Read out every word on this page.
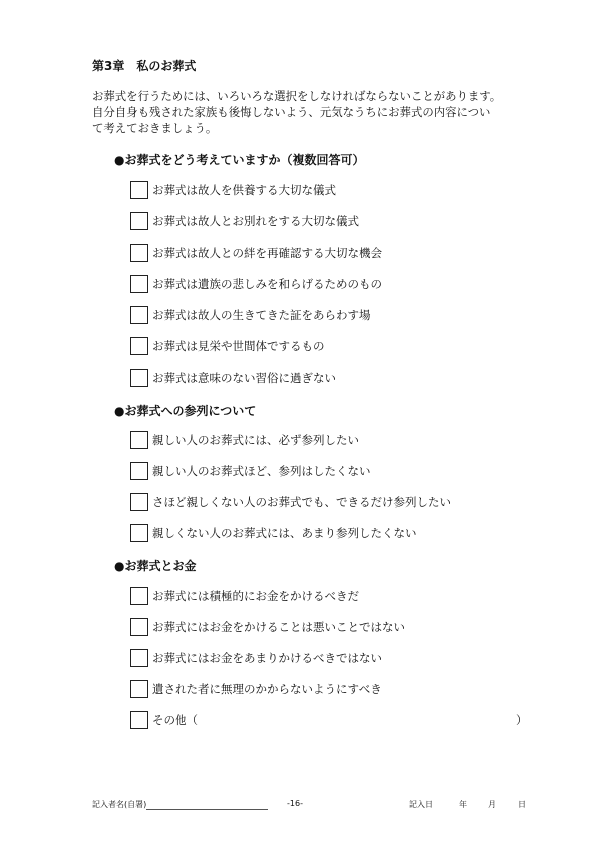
第3章　私のお葬式
お葬式を行うためには、いろいろな選択をしなければならないことがあります。
自分自身も残された家族も後悔しないよう、元気なうちにお葬式の内容につい
て考えておきましょう。
●お葬式をどう考えていますか（複数回答可）
お葬式は故人を供養する大切な儀式
お葬式は故人とお別れをする大切な儀式
お葬式は故人との絆を再確認する大切な機会
お葬式は遺族の悲しみを和らげるためのもの
お葬式は故人の生きてきた証をあらわす場
お葬式は見栄や世間体でするもの
お葬式は意味のない習俗に過ぎない
●お葬式への参列について
親しい人のお葬式には、必ず参列したい
親しい人のお葬式ほど、参列はしたくない
さほど親しくない人のお葬式でも、できるだけ参列したい
親しくない人のお葬式には、あまり参列したくない
●お葬式とお金
お葬式には積極的にお金をかけるべきだ
お葬式にはお金をかけることは悪いことではない
お葬式にはお金をあまりかけるべきではない
遺された者に無理のかからないようにすべき
その他（	）
記入者名(自署)	-16-	記入日	年	月	日
